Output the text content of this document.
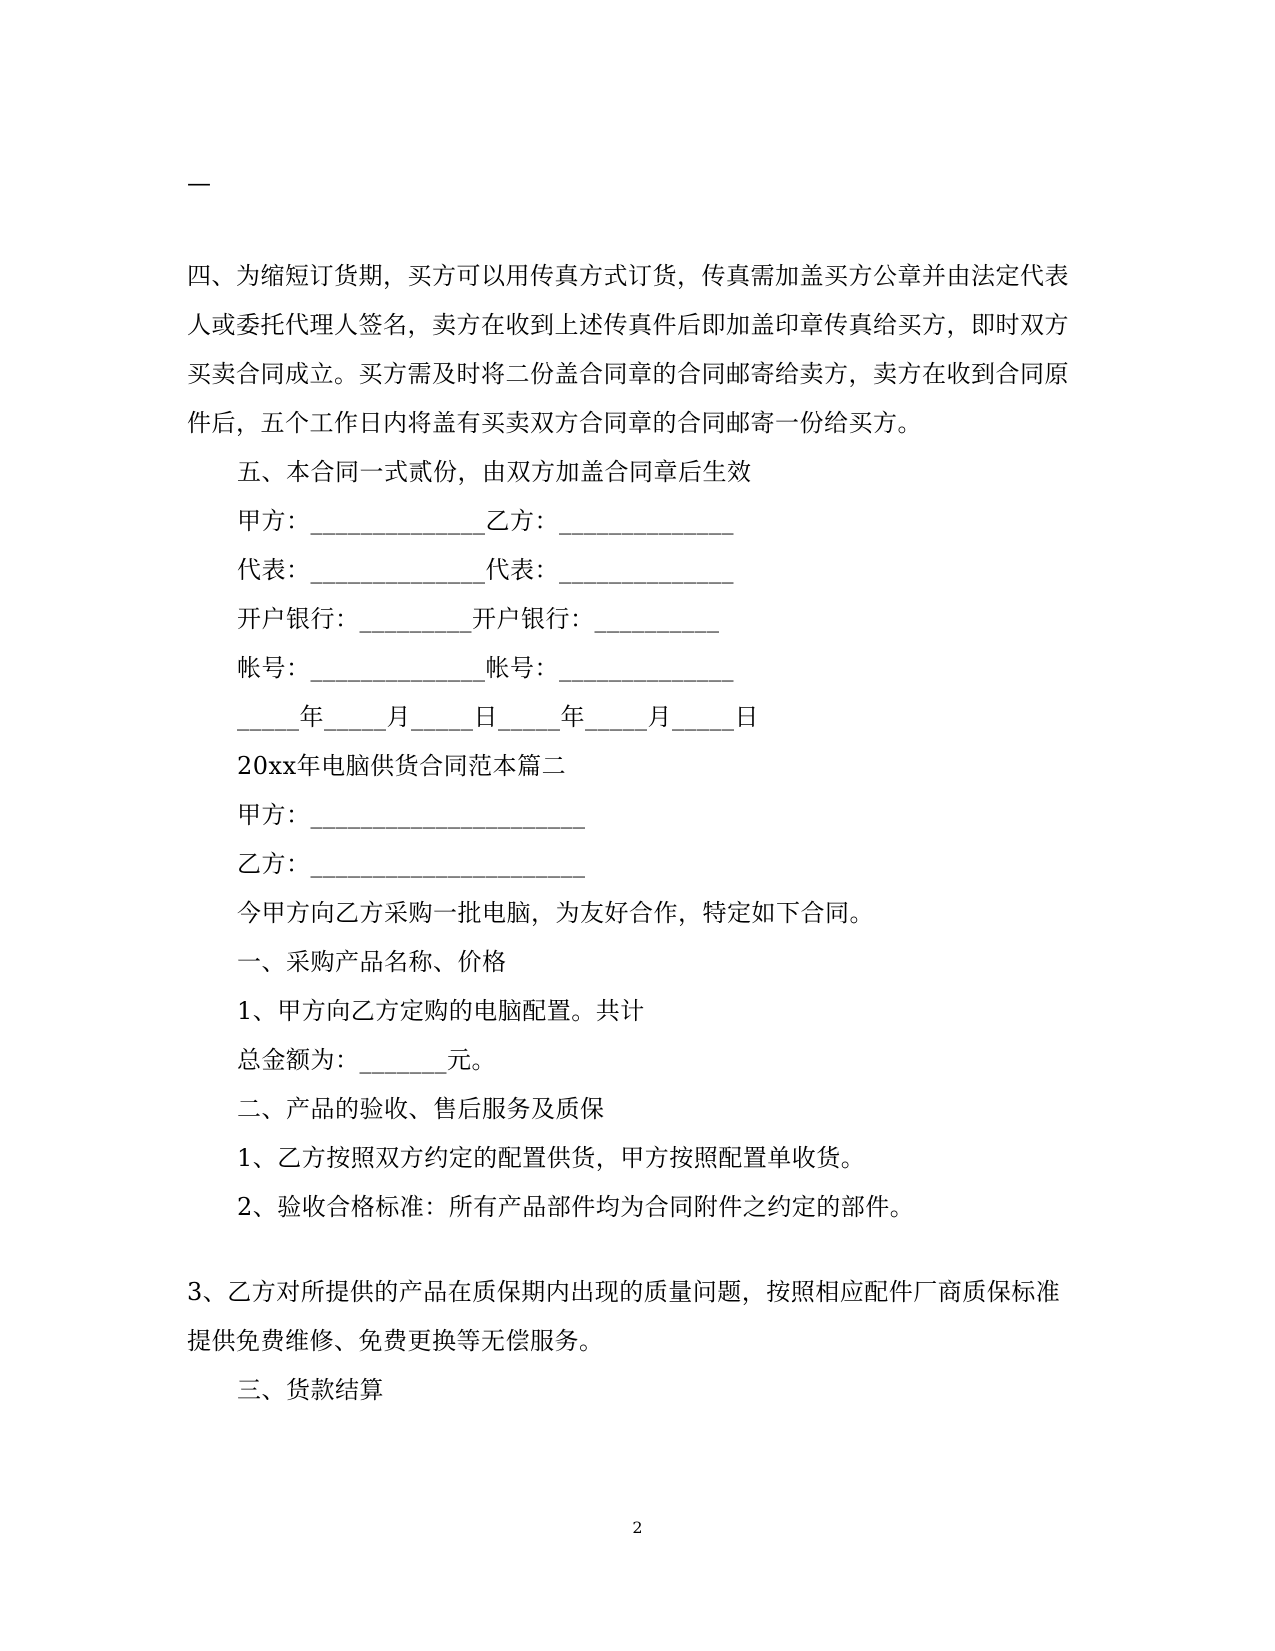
—
四、为缩短订货期，买方可以用传真方式订货，传真需加盖买方公章并由法定代表
人或委托代理人签名，卖方在收到上述传真件后即加盖印章传真给买方，即时双方
买卖合同成立。买方需及时将二份盖合同章的合同邮寄给卖方，卖方在收到合同原
件后，五个工作日内将盖有买卖双方合同章的合同邮寄一份给买方。
五、本合同一式贰份，由双方加盖合同章后生效
甲方：______________乙方：______________
代表：______________代表：______________
开户银行：_________开户银行：__________
帐号：______________帐号：______________
_____年_____月_____日_____年_____月_____日
20xx年电脑供货合同范本篇二
甲方：______________________
乙方：______________________
今甲方向乙方采购一批电脑，为友好合作，特定如下合同。
一、采购产品名称、价格
1、甲方向乙方定购的电脑配置。共计
总金额为：_______元。
二、产品的验收、售后服务及质保
1、乙方按照双方约定的配置供货，甲方按照配置单收货。
2、验收合格标准：所有产品部件均为合同附件之约定的部件。
3、乙方对所提供的产品在质保期内出现的质量问题，按照相应配件厂商质保标准
提供免费维修、免费更换等无偿服务。
三、货款结算
2
